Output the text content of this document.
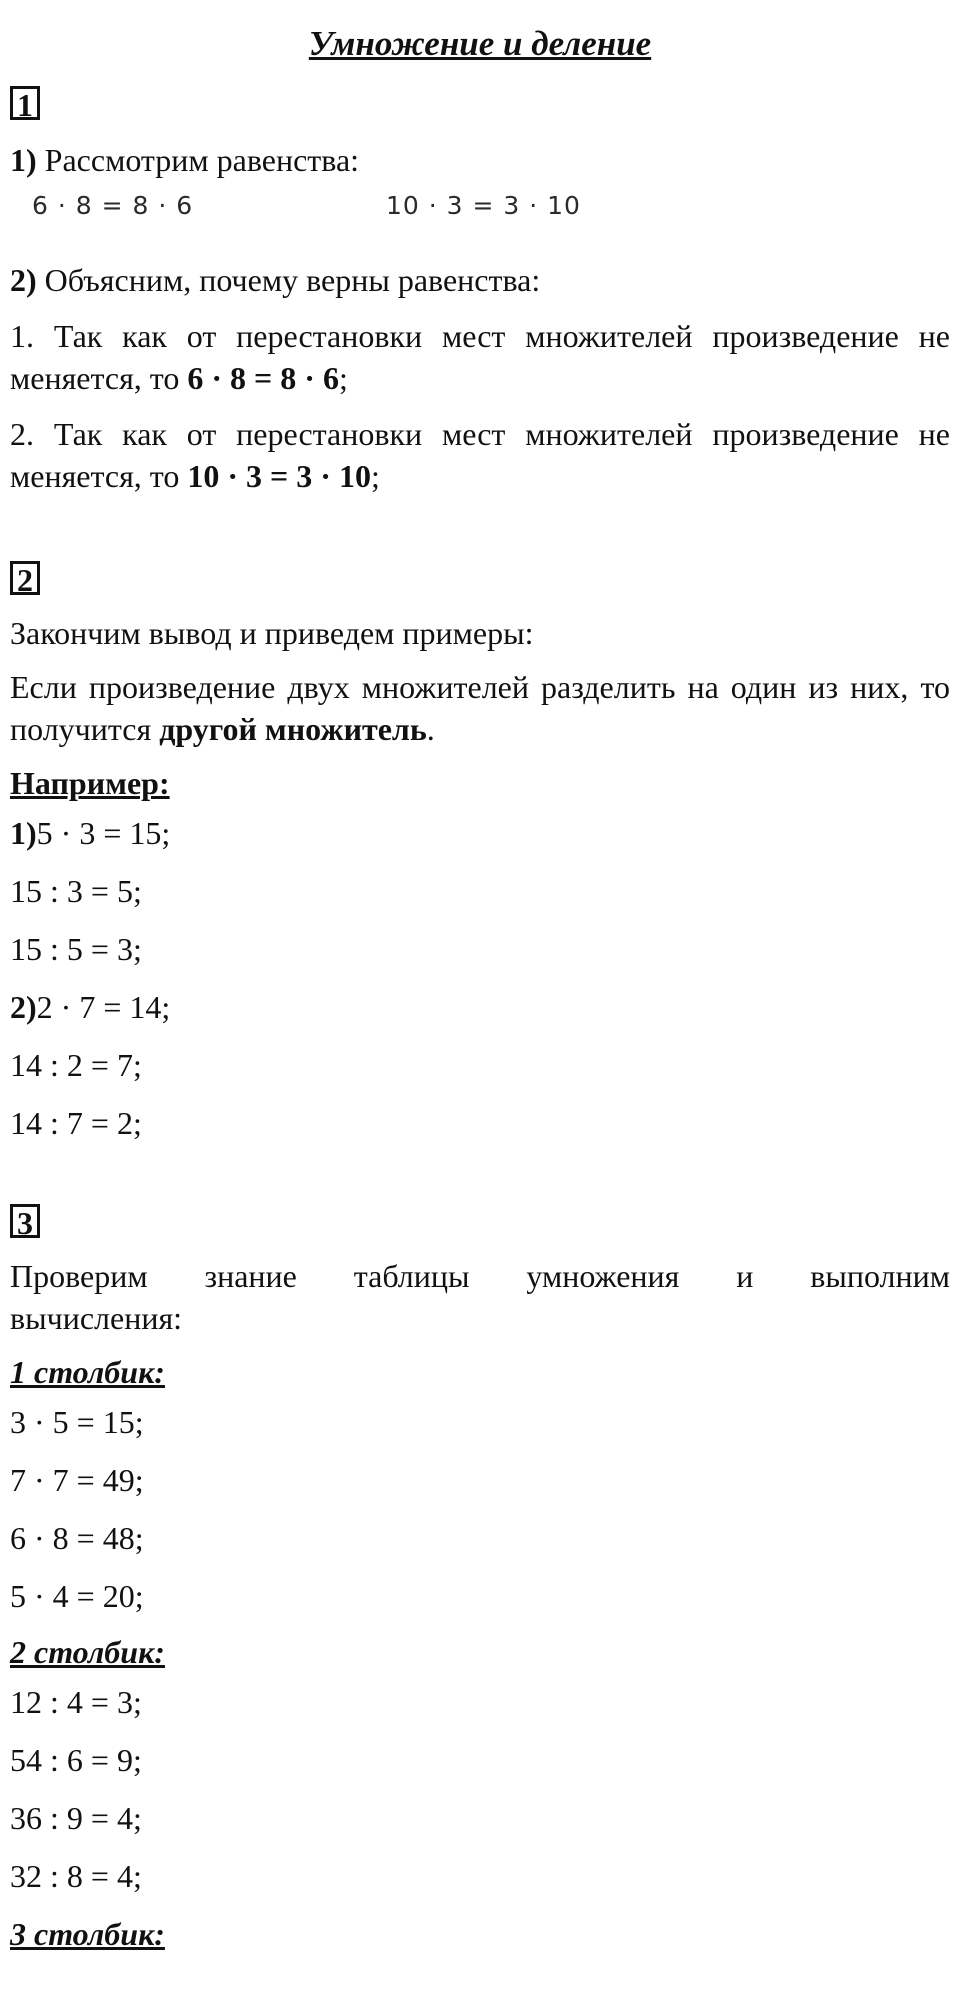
Умножение и деление
1

1) Рассмотрим равенства:

6 · 8 = 8 · 6	10 · 3 = 3 · 10

2) Объясним, почему верны равенства:

1. Так как от перестановки мест множителей произведение не меняется, то 6 · 8 = 8 · 6;

2. Так как от перестановки мест множителей произведение не меняется, то 10 · 3 = 3 · 10;

2

Закончим вывод и приведем примеры:

Если произведение двух множителей разделить на один из них, то получится другой множитель.

Например:

1) 5 · 3 = 15;
15 : 3 = 5;
15 : 5 = 3;
2) 2 · 7 = 14;
14 : 2 = 7;
14 : 7 = 2;
3

Проверим знание таблицы умножения и выполним

вычисления:

1 столбик:

3 · 5 = 15;
7 · 7 = 49;
6 · 8 = 48;
5 · 4 = 20;

2 столбик:

12 : 4 = 3;
54 : 6 = 9;
36 : 9 = 4;
32 : 8 = 4;

3 столбик:
